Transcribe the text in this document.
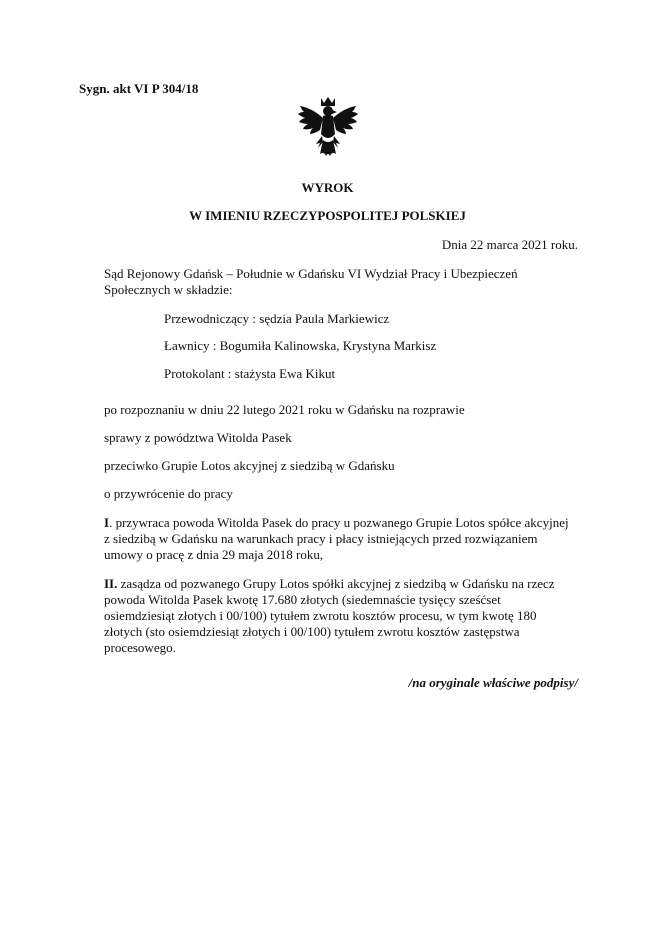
Sygn. akt VI P 304/18
WYROK
W IMIENIU RZECZYPOSPOLITEJ POLSKIEJ
Dnia 22 marca 2021 roku.
Sąd Rejonowy Gdańsk – Południe w Gdańsku VI Wydział Pracy i Ubezpieczeń
Społecznych w składzie:
Przewodniczący : sędzia Paula Markiewicz
Ławnicy : Bogumiła Kalinowska, Krystyna Markisz
Protokolant : stażysta Ewa Kikut
po rozpoznaniu w dniu 22 lutego 2021 roku w Gdańsku na rozprawie
sprawy z powództwa Witolda Pasek
przeciwko Grupie Lotos akcyjnej z siedzibą w Gdańsku
o przywrócenie do pracy
I. przywraca powoda Witolda Pasek do pracy u pozwanego Grupie Lotos spółce akcyjnej
z siedzibą w Gdańsku na warunkach pracy i płacy istniejących przed rozwiązaniem
umowy o pracę z dnia 29 maja 2018 roku,
II. zasądza od pozwanego Grupy Lotos spółki akcyjnej z siedzibą w Gdańsku na rzecz
powoda Witolda Pasek kwotę 17.680 złotych (siedemnaście tysięcy sześćset
osiemdziesiąt złotych i 00/100) tytułem zwrotu kosztów procesu, w tym kwotę 180
złotych (sto osiemdziesiąt złotych i 00/100) tytułem zwrotu kosztów zastępstwa
procesowego.
/na oryginale właściwe podpisy/
